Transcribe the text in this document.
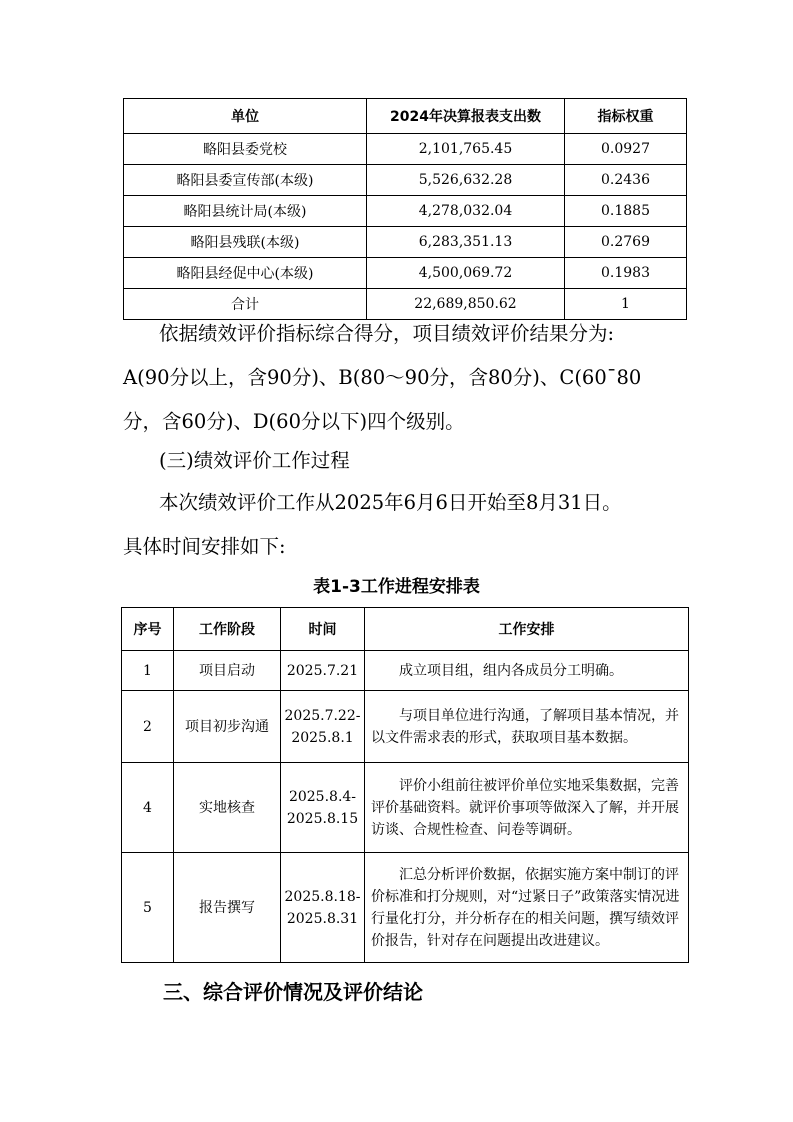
单位	2024年决算报表支出数	指标权重
略阳县委党校	2,101,765.45	0.0927
略阳县委宣传部(本级)	5,526,632.28	0.2436
略阳县统计局(本级)	4,278,032.04	0.1885
略阳县残联(本级)	6,283,351.13	0.2769
略阳县经促中心(本级)	4,500,069.72	0.1983
合计	22,689,850.62	1

依据绩效评价指标综合得分，项目绩效评价结果分为:

A(90分以上，含90分)、B(80～90分，含80分)、C(60¯80

分，含60分)、D(60分以下)四个级别。

(三)绩效评价工作过程

本次绩效评价工作从2025年6月6日开始至8月31日。

具体时间安排如下:

表1-3工作进程安排表
序号	工作阶段	时间	工作安排
1	项目启动	2025.7.21	成立项目组，组内各成员分工明确。

2	项目初步沟通	2025.7.22-2025.8.1	与项目单位进行沟通，了解项目基本情况，并以文件需求表的形式，获取项目基本数据。

4	实地核查	2025.8.4-2025.8.15	评价小组前往被评价单位实地采集数据，完善评价基础资料。就评价事项等做深入了解，并开展访谈、合规性检查、问卷等调研。

5	报告撰写	2025.8.18-2025.8.31	汇总分析评价数据，依据实施方案中制订的评价标准和打分规则，对“过紧日子”政策落实情况进行量化打分，并分析存在的相关问题，撰写绩效评价报告，针对存在问题提出改进建议。
三、综合评价情况及评价结论
